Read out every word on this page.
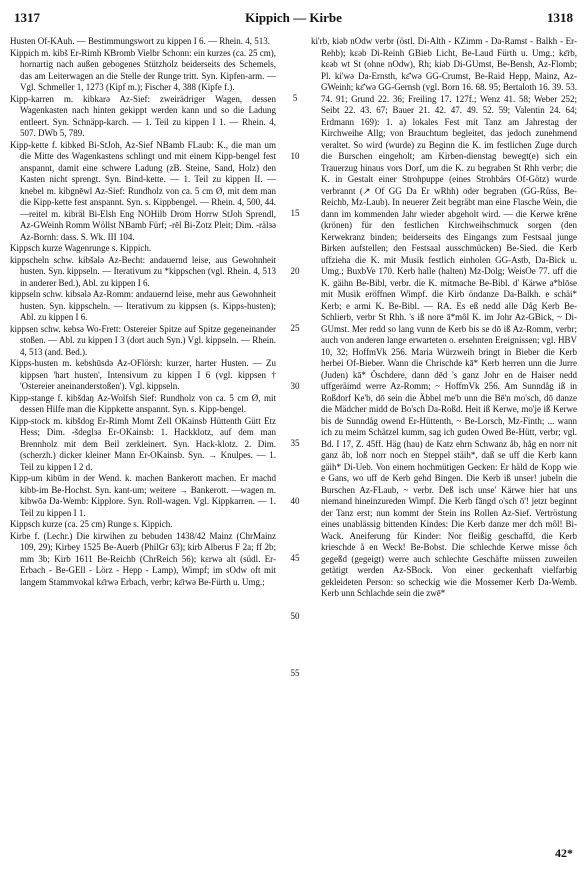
1317	Kippich — Kirbe	1318

Husten Of-KAuh. — Bestimmungswort zu kippen I 6. — Rhein. 4, 513.

Kippich m. kibš Er-Rimh KBromb Vielbr Schonn: ein kurzes (ca. 25 cm), hornartig nach außen gebogenes Stützholz beiderseits des Schemels, das am Leiterwagen an die Stelle der Runge tritt. Syn. Kipfen-arm. — Vgl. Schmeller 1, 1273 (Kipf m.); Fischer 4, 388 (Kipfe f.).

Kipp-karren m. kibkarə Az-Sief: zweirädriger Wagen, dessen Wagenkasten nach hinten gekippt werden kann und so die Ladung entleert. Syn. Schnäpp-karch. — 1. Teil zu kippen I 1. — Rhein. 4, 507. DWb 5, 789.

Kipp-kette f. kibked Bi-StJoh, Az-Sief NBamb FLaub: K., die man um die Mitte des Wagenkastens schlingt und mit einem Kipp-bengel fest anspannt, damit eine schwere Ladung (zB. Steine, Sand, Holz) den Kasten nicht sprengt. Syn. Bind-kette. — 1. Teil zu kippen II. —knebel m. kibgnēwl Az-Sief: Rundholz von ca. 5 cm Ø, mit dem man die Kipp-kette fest anspannt. Syn. s. Kippbengel. — Rhein. 4, 500, 44. —reitel m. kibräl Bi-Elsh Eng NOHilb Drom Horrw StJoh Sprendl, Az-GWeinh Romm Wöllst NBamb Fürf; -rēl Bi-Zotz Pleit; Dim. -rälзə Az-Bornh: dass. S. Wk. III 104.

Kippsch kurze Wagenrunge s. Kippich.

kippscheln schw. kibšələ Az-Becht: andauernd leise, aus Gewohnheit husten. Syn. kippseln. — Iterativum zu *kippschen (vgl. Rhein. 4, 513 in anderer Bed.), Abl. zu kippen I 6.

kippseln schw. kibsələ Az-Romm: andauernd leise, mehr aus Gewohnheit husten. Syn. kippscheln. — Iterativum zu kippsen (s. Kipps-husten); Abl. zu kippen I 6.

kippsen schw. kebsə Wo-Frett: Ostereier Spitze auf Spitze gegeneinander stoßen. — Abl. zu kippen I 3 (dort auch Syn.) Vgl. kippseln. — Rhein. 4, 513 (and. Bed.).

Kipps-husten m. kebshūsdə Az-OFlörsh: kurzer, harter Husten. — Zu kippsen 'hart husten', Intensivum zu kippen I 6 (vgl. kippsen † 'Ostereier aneinanderstoßen'). Vgl. kippseln.

Kipp-stange f. kibšdaŋ Az-Wolfsh Sief: Rundholz von ca. 5 cm Ø, mit dessen Hilfe man die Kippkette anspannt. Syn. s. Kipp-bengel.

Kipp-stock m. kibšdog Er-Rimh Momt Zell OKainsb Hüttenth Gütt Etz Hess; Dim. -šdeglзə Er-OKainsb: 1. Hackklotz, auf dem man Brennholz mit dem Beil zerkleinert. Syn. Hack-klotz. 2. Dim. (scherzh.) dicker kleiner Mann Er-OKainsb. Syn. → Knulpes. — 1. Teil zu kippen I 2 d.

Kipp-um kibūm in der Wend. k. machen Bankerott machen. Er machd kibb-im Be-Hochst. Syn. kant-um; weitere → Bankerott. —wagen m. kibwōə Da-Wemb: Kipplore. Syn. Roll-wagen. Vgl. Kippkarren. — 1. Teil zu kippen I 1.

Kippsch kurze (ca. 25 cm) Runge s. Kippich.

Kirbe f. (Lechr.) Die kirwihen zu bebuden 1438/42 Mainz (ChrMainz 109, 29); Kirbey 1525 Be-Auerb (PhilGr 63); kirb Alberus F 2a; ff 2b; mm 3b; Kirb 1611 Be-Reichb (ChrReich 56); kɛrwə alt (südl. Er-Erbach - Be-GEll - Lörz - Hepp - Lamp), Wimpf; im sOdw oft mit langem Stammvokal kɛ̄rwə Erbach, verbr; kɛ̄rwə Be-Fürth u. Umg.;

5
10
15
20
25
30
35
40
45
50
55

ki'rb, kiəb nOdw verbr (östl. Di-Alth - KZimm - Da-Ramst - Balkh - Er-Rehb); kɛəb Di-Reinh GBieb Licht, Be-Laud Fürth u. Umg.; kɛ̄rb, kɛəb wt St (ohne nOdw), Rh; kiəb Di-GUmst, Be-Bensh, Az-Flomb; Pl. ki'wə Da-Ernsth, kɛ̄'wə GG-Crumst, Be-Raid Hepp, Mainz, Az-GWeinh; kɛ̄'wə GG-Gernsh (vgl. Born 16. 68. 95; Bertaloth 16. 39. 53. 74. 91; Grund 22. 36; Freiling 17. 127f.; Wenz 41. 58; Weber 252; Seibt 22. 43. 67; Bauer 21. 42. 47. 49. 52. 59; Valentin 24. 64; Erdmann 169): 1. a) lokales Fest mit Tanz am Jahrestag der Kirchweihe Allg; von Brauchtum begleitet, das jedoch zunehmend veraltet. So wird (wurde) zu Beginn die K. im festlichen Zuge durch die Burschen eingeholt; am Kirben-dienstag bewegt(e) sich ein Trauerzug hinaus vors Dorf, um die K. zu begraben St Rhh verbr; die K. in Gestalt einer Strohpuppe (eines Strohbärs Of-Götz) wurde verbrannt (↗ Of GG Da Er wRhh) oder begraben (GG-Rüss, Be-Reichb, Mz-Laub). In neuerer Zeit begräbt man eine Flasche Wein, die dann im kommenden Jahr wieder abgeholt wird. — die Kerwe krēne (krönen) für den festlichen Kirchweihschmuck sorgen (den Kerwekranz binden; beiderseits des Eingangs zum Festsaal junge Birken aufstellen; den Festsaal ausschmücken) Be-Sied. die Kerb uffzieha die K. mit Musik festlich einholen GG-Astb, Da-Bick u. Umg.; BuxbVe 170. Kerb halle (halten) Mz-Dolg; WeisOe 77. uff die K. gäihn Be-Bibl, verbr. die K. mitmache Be-Bibl. d' Kärwe a*blōse mit Musik eröffnen Wimpf. die Kirb öndanze Da-Balkh. e schäi* Kerb; e armi K. Be-Bibl. — RA. Es eß nedd alle Dåg Kerb Be-Schlierb, verbr St Rhh. 's iß nore ā*môl K. im Johr Az-GBick, ~ Di-GUmst. Mer redd so lang vunn de Kerb bis se dō iß Az-Romm, verbr; auch von anderen lange erwarteten o. ersehnten Ereignissen; vgl. HBV 10, 32; HoffmVk 256. Maria Würzweih bringt in Bieber die Kerb herbei Of-Bieber. Wann die Chrischde kā* Kerb herren unn die Jurre (Juden) kā* Öschdere, dann dēd 's ganz Johr en de Haiser nedd uffgeräimd werre Az-Romm; ~ HoffmVk 256. Am Sunndåg iß in Roßdorf Ke'b, dō sein die Äbbel me'b unn die Bē'n mo'sch, dō danze die Mädcher midd de Bo'sch Da-Roßd. Heit iß Kerwe, mo'je iß Kerwe bis de Sunndåg owend Er-Hüttenth, ~ Be-Lorsch, Mz-Finth; ... wann ich zu meim Schätzel kumm, sag ich guden Owed Be-Hütt, verbr; vgl. Bd. I 17, Z. 45ff. Häg (hau) de Katz ehrn Schwanz åb, håg en norr nit ganz åb, loß norr noch en Steppel stäih*, daß se uff die Kerb kann gäih* Di-Ueb. Von einem hochmütigen Gecken: Er häld de Kopp wie e Gans, wo uff de Kerb gehd Bingen. Die Kerb iß unser! jubeln die Burschen Az-FLaub, ~ verbr. Deß isch unse' Kärwe hier hat uns niemand hineinzureden Wimpf. Die Kerb fāngd o'sch ō'! jetzt beginnt der Tanz erst; nun kommt der Stein ins Rollen Az-Sief. Vertröstung eines unablässig bittenden Kindes: Die Kerb danze mer dch môl! Bi-Wack. Aneiferung für Kinder: Nor fleißig geschaffd, die Kerb krieschde å en Weck! Be-Bobst. Die schlechde Kerwe misse ôch gegeßd (gegeigt) werre auch schlechte Geschäfte müssen zuweilen getätigt werden Az-SBock. Von einer geckenhaft vielfarbig gekleideten Person: so scheckig wie die Mossemer Kerb Da-Wemb. Kerb unn Schlachde sein die zwē*

42*
